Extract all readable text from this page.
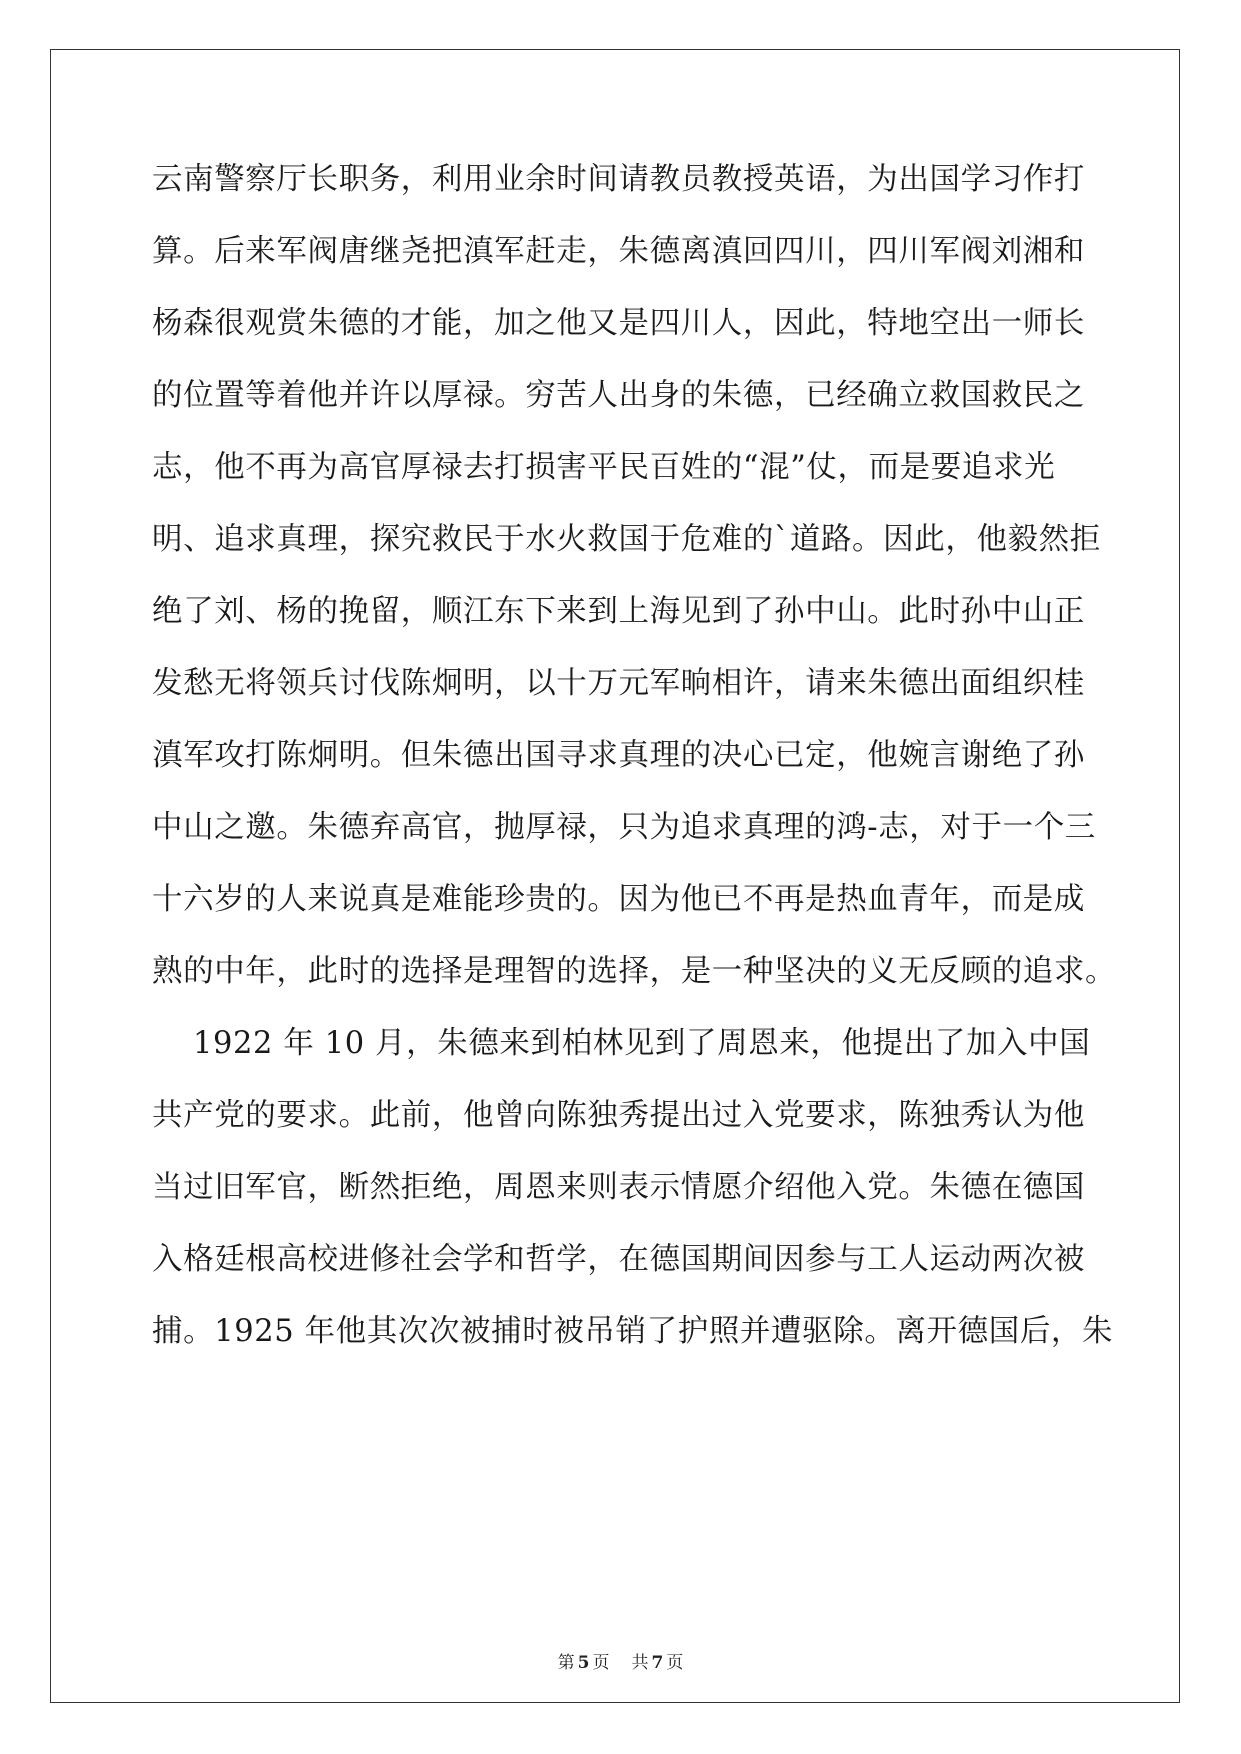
云南警察厅长职务，利用业余时间请教员教授英语，为出国学习作打
算。后来军阀唐继尧把滇军赶走，朱德离滇回四川，四川军阀刘湘和
杨森很观赏朱德的才能，加之他又是四川人，因此，特地空出一师长
的位置等着他并许以厚禄。穷苦人出身的朱德，已经确立救国救民之
志，他不再为高官厚禄去打损害平民百姓的“混”仗，而是要追求光
明、追求真理，探究救民于水火救国于危难的`道路。因此，他毅然拒
绝了刘、杨的挽留，顺江东下来到上海见到了孙中山。此时孙中山正
发愁无将领兵讨伐陈炯明，以十万元军晌相许，请来朱德出面组织桂
滇军攻打陈炯明。但朱德出国寻求真理的决心已定，他婉言谢绝了孙
中山之邀。朱德弃高官，抛厚禄，只为追求真理的鸿-志，对于一个三
十六岁的人来说真是难能珍贵的。因为他已不再是热血青年，而是成
熟的中年，此时的选择是理智的选择，是一种坚决的义无反顾的追求。
1922 年 10 月，朱德来到柏林见到了周恩来，他提出了加入中国
共产党的要求。此前，他曾向陈独秀提出过入党要求，陈独秀认为他
当过旧军官，断然拒绝，周恩来则表示情愿介绍他入党。朱德在德国
入格廷根高校进修社会学和哲学，在德国期间因参与工人运动两次被
捕。1925 年他其次次被捕时被吊销了护照并遭驱除。离开德国后，朱
第 5 页 共 7 页
